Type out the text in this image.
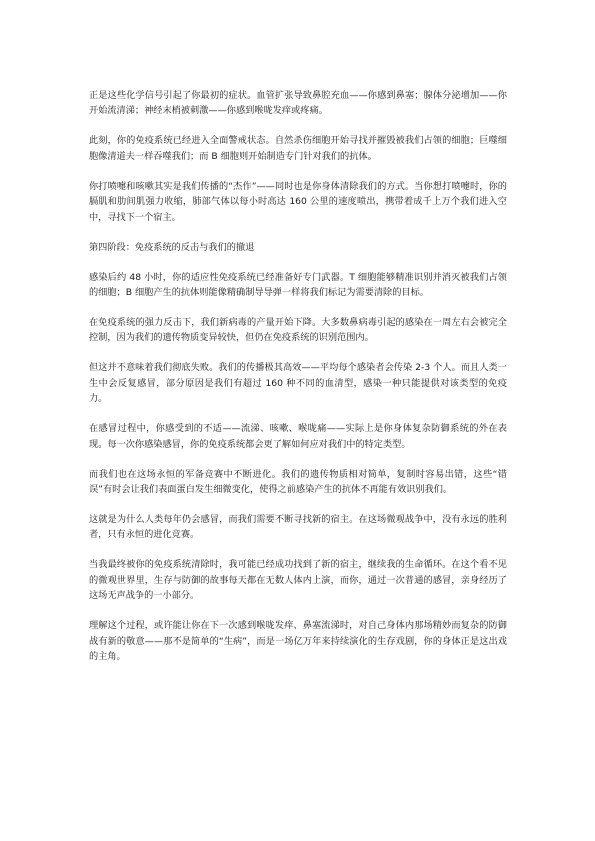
正是这些化学信号引起了你最初的症状。血管扩张导致鼻腔充血——你感到鼻塞；腺体分泌增加——你开始流清涕；神经末梢被刺激——你感到喉咙发痒或疼痛。

此刻，你的免疫系统已经进入全面警戒状态。自然杀伤细胞开始寻找并摧毁被我们占领的细胞；巨噬细胞像清道夫一样吞噬我们；而 B 细胞则开始制造专门针对我们的抗体。

你打喷嚏和咳嗽其实是我们传播的“杰作”——同时也是你身体清除我们的方式。当你想打喷嚏时，你的膈肌和肋间肌强力收缩，肺部气体以每小时高达 160 公里的速度喷出，携带着成千上万个我们进入空中，寻找下一个宿主。

第四阶段：免疫系统的反击与我们的撤退

感染后约 48 小时，你的适应性免疫系统已经准备好专门武器。T 细胞能够精准识别并消灭被我们占领的细胞；B 细胞产生的抗体则能像精确制导导弹一样将我们标记为需要清除的目标。

在免疫系统的强力反击下，我们新病毒的产量开始下降。大多数鼻病毒引起的感染在一周左右会被完全控制，因为我们的遗传物质变异较快，但仍在免疫系统的识别范围内。

但这并不意味着我们彻底失败。我们的传播极其高效——平均每个感染者会传染 2-3 个人。而且人类一生中会反复感冒，部分原因是我们有超过 160 种不同的血清型，感染一种只能提供对该类型的免疫力。

在感冒过程中，你感受到的不适——流涕、咳嗽、喉咙痛——实际上是你身体复杂防御系统的外在表现。每一次你感染感冒，你的免疫系统都会更了解如何应对我们中的特定类型。

而我们也在这场永恒的军备竞赛中不断进化。我们的遗传物质相对简单，复制时容易出错，这些“错误”有时会让我们表面蛋白发生细微变化，使得之前感染产生的抗体不再能有效识别我们。

这就是为什么人类每年仍会感冒，而我们需要不断寻找新的宿主。在这场微观战争中，没有永远的胜利者，只有永恒的进化竞赛。

当我最终被你的免疫系统清除时，我可能已经成功找到了新的宿主，继续我的生命循环。在这个看不见的微观世界里，生存与防御的故事每天都在无数人体内上演，而你，通过一次普通的感冒，亲身经历了这场无声战争的一小部分。

理解这个过程，或许能让你在下一次感到喉咙发痒、鼻塞流涕时，对自己身体内那场精妙而复杂的防御战有新的敬意——那不是简单的“生病”，而是一场亿万年来持续演化的生存戏剧，你的身体正是这出戏的主角。
